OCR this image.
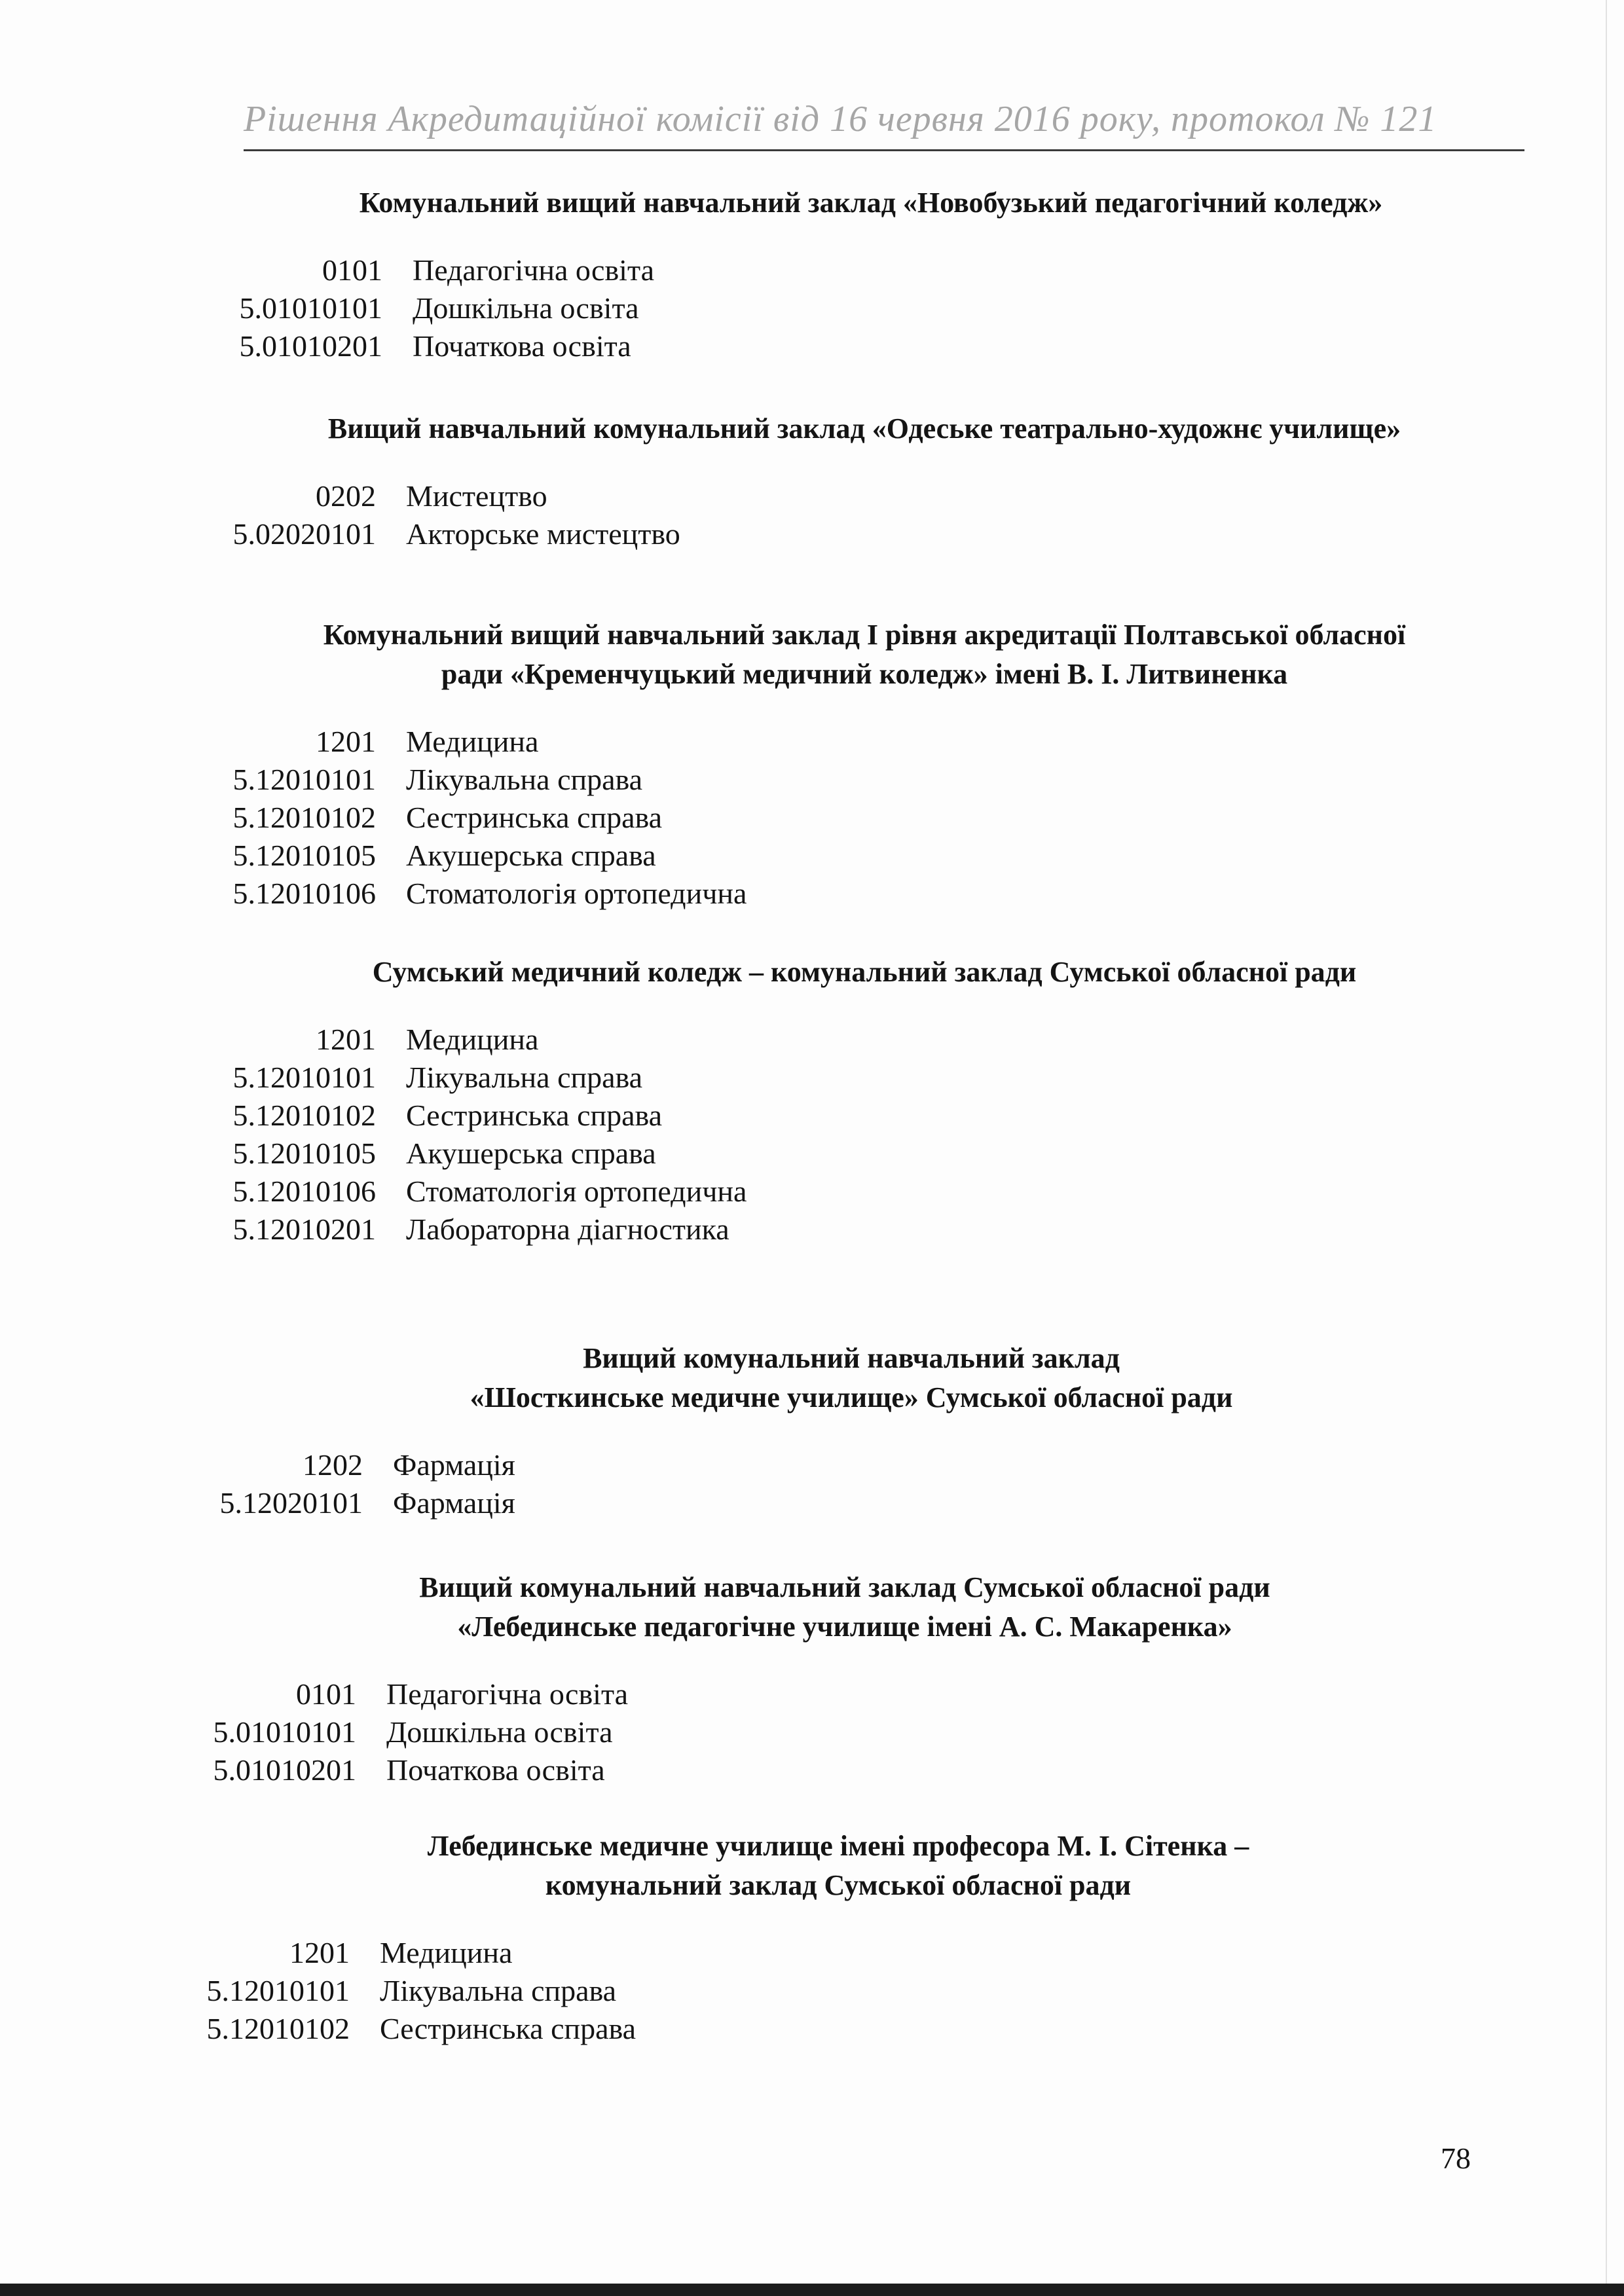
Рішення Акредитаційної комісії від 16 червня 2016 року, протокол № 121
Комунальний вищий навчальний заклад «Новобузький педагогічний коледж»
0101	Педагогічна освіта
5.01010101	Дошкільна освіта
5.01010201	Початкова освіта
Вищий навчальний комунальний заклад «Одеське театрально-художнє училище»
0202	Мистецтво
5.02020101	Акторське мистецтво
Комунальний вищий навчальний заклад І рівня акредитації Полтавської обласної
ради «Кременчуцький медичний коледж» імені В. І. Литвиненка
1201	Медицина
5.12010101	Лікувальна справа
5.12010102	Сестринська справа
5.12010105	Акушерська справа
5.12010106	Стоматологія ортопедична
Сумський медичний коледж – комунальний заклад Сумської обласної ради
1201	Медицина
5.12010101	Лікувальна справа
5.12010102	Сестринська справа
5.12010105	Акушерська справа
5.12010106	Стоматологія ортопедична
5.12010201	Лабораторна діагностика
Вищий комунальний навчальний заклад
«Шосткинське медичне училище» Сумської обласної ради
1202	Фармація
5.12020101	Фармація
Вищий комунальний навчальний заклад Сумської обласної ради
«Лебединське педагогічне училище імені А. С. Макаренка»
0101	Педагогічна освіта
5.01010101	Дошкільна освіта
5.01010201	Початкова освіта
Лебединське медичне училище імені професора М. І. Сітенка –
комунальний заклад Сумської обласної ради
1201	Медицина
5.12010101	Лікувальна справа
5.12010102	Сестринська справа
78
